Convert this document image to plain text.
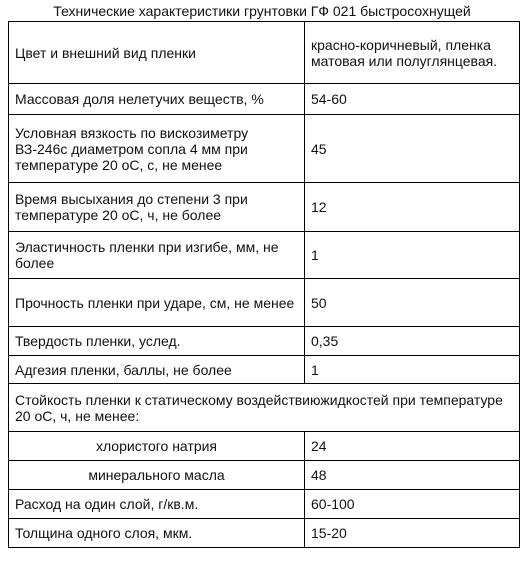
Технические характеристики грунтовки ГФ 021 быстросохнущей
Цвет и внешний вид пленки	красно-коричневый, пленка матовая или полуглянцевая.
Массовая доля нелетучих веществ, %	54-60
Условная вязкость по вискозиметру ВЗ-246с диаметром сопла 4 мм при температуре 20 оС, с, не менее	45
Время высыхания до степени 3 при температуре 20 оС, ч, не более	12
Эластичность пленки при изгибе, мм, не более	1
Прочность пленки при ударе, см, не менее	50
Твердость пленки, услед.	0,35
Адгезия пленки, баллы, не более	1
Стойкость пленки к статическому воздействиюжидкостей при температуре 20 оС, ч, не менее:	
хлористого натрия	24
минерального масла	48
Расход на один слой, г/кв.м.	60-100
Толщина одного слоя, мкм.	15-20
